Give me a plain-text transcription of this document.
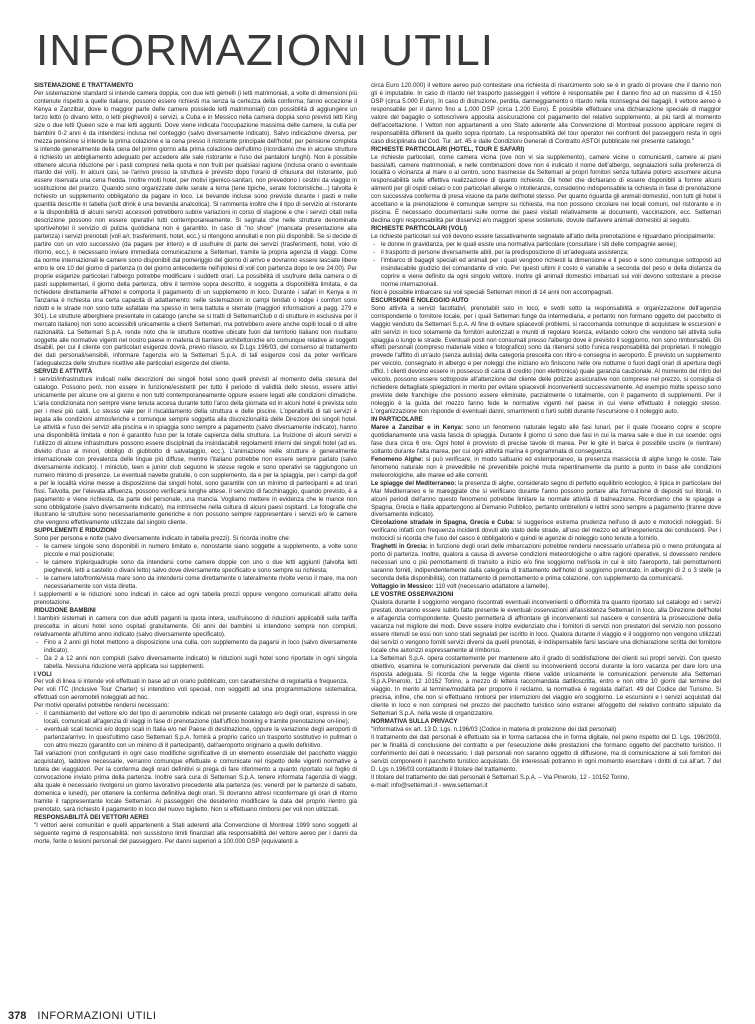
INFORMAZIONI UTILI

SISTEMAZIONE E TRATTAMENTO

Per sistemazione standard si intende camera doppia, con due letti gemelli (i letti matrimoniali, a volte di dimensioni più contenute rispetto a quelle italiane, possono essere richiesti ma senza la certezza della conferma; fanno eccezione il Kenya e Zanzibar, dove lo maggior parte delle camere possiede letti matrimoniali) con possibilità di aggiungere un terzo letto (o divano letto, o letti pieghevoli) e servizi, a Cuba e in Messico nella camera doppia sono previsti letti King size o due letti Queen size e mai letti aggiunti. Dove viene indicata l'occupazione massima delle camere, la culla per bambini 0-2 anni è da intendersi inclusa nel conteggio (salvo diversamente indicato). Salvo indicazione diversa, per mezza pensione si intende la prima colazione e la cena presso il ristorante principale dell'hotel; per pensione completa si intende generalmente della cena del primo giorno alla prima colazione dell'ultimo (ricordiamo che in alcune strutture è richiesto un abbigliamento adeguato per accedere alle sale ristorante e l'uso dei pantaloni lunghi). Non è possibile ottenere alcuna riduzione per i pasti compresi nella quota e non fruiti per qualsiasi ragione (inclusa orario o eventuale ritardo dei voli). In alcuni casi, se l'arrivo presso la struttura è previsto dopo l'orario di chiusura del ristorante, può essere riservata una cena fredda. Inoltre molti hotel, per motivi igienico-sanitari, non prevedono i cestini da viaggio in sostituzione del pranzo. Quando sono organizzate delle serate a tema (tene tipiche, serate folcloristiche...) talvolta è richiesto un supplemento obbligatorio da pagare in loco. Le bevande incluse sono previste durante i pasti e nelle quantità descritte in tabella (soft drink è una bevanda analcolica). Si rammenta inoltre che il tipo di servizio al ristorante e la disponibilità di alcuni servizi accessori potrebbero subire variazioni in corso di stagione e che i servizi citati nella descrizione possono non essere operativi tutti contemporaneamente. Si segnala che nelle strutture denominate sportivehotel il servizio di pulizia quotidiana non è garantito. In caso di "no show" (mancata presentazione alla partenza) i servizi prenotati (voli a/r, trasferimenti, hotel, ecc.) si ritengono annullati e non più disponibili. Se si decide di partire con un volo successivo (da pagare per intero) e di usufruire di parte dei servizi (trasferimenti, hotel, volo di ritorno, ecc.), è necessario inviare immediata comunicazione a Settemari, tramite la propria agenzia di viaggi. Come da norme internazionali le camere sono disponibili dal pomeriggio del giorno di arrivo e dovranno essere lasciate libere entro le ore 10 del giorno di partenza (o del giorno antecedente nell'ipotesi di voli con partenza dopo le ore 24.00). Per proprie esigenze particolari l'albergo potrebbe modificare i suddetti orari. La possibilità di usufruire della camera o di pasti supplementari, il giorno della partenza, oltre il termine sopra descritto, è soggetta a disponibilità limitata, e da richiedere direttamente all'hotel e comporta il pagamento di un supplemento in loco. Durante i safari in Kenya e in Tanzania è richiesta una certa capacità di adattamento: nelle sistemazioni in campi tendati o lodge i comfort sono ridotti e le strade non sono tutte asfaltate ma spesso in terra battuta e sterrate (maggiori informazioni a pagg. 279 e 301). Le strutture alberghiere presentate in catalogo (anche se si tratti di SettemariClub o di strutture in esclusiva per il mercato italiano) non sono accessibili unicamente a clienti Settemari, ma potrebbero avere anche ospiti locali o di altre nazionalità. La Settemari S.p.A. rende noto che le strutture ricettive ubicate fuori dal territorio italiano non risultano soggette alle normative vigenti nel nostro paese in materia di barriere architettoniche e/o comunque relative ai soggetti disabili, per cui il cliente con particolari esigenze dovrà, previo rilascio, ex D.Lgs 196/03, del consenso al trattamento dei dati personali/sensibili, informare l'agenzia e/o la Settemari S.p.A. di tali esigenze così da poter verificare l'adeguatezza delle strutture ricettive alle particolari esigenze del cliente.

SERVIZI E ATTIVITÀ

I servizi/infrastrutture indicati nelle descrizioni dei singoli hotel sono quelli previsti al momento della stesura del catalogo. Possono però, non essere in funzione/esistenti per tutto il periodo di validità dello stesso, essere attivi unicamente per alcune ore al giorno e non tutti contemporaneamente oppure essere legati alle condizioni climatiche. L'aria condizionata non sempre viene tenuta accesa durante tutto l'arco della giornata ed in alcuni hotel è prevista solo per i mesi più caldi. Lo stesso vale per il riscaldamento della struttura e delle piscine. L'operatività di tali servizi è legata alle condizioni atmosferiche e comunque sempre soggetta alla discrezionalità delle Direzioni dei singoli hotel. Le attività e l'uso dei servizi alla piscina e in spiaggia sono sempre a pagamento (salvo diversamente indicato), hanno una disponibilità limitata e non è garantito l'uso per la totale capienza della struttura. La fruizione di alcuni servizi e l'utilizzo di alcune infrastrutture possono essere disciplinati da insindacabili regolamenti interni dei singoli hotel (ad es. divieto d'uso ai minori, obbligo di giubbotto di salvataggio, ecc.). L'animazione nelle strutture è generalmente internazionale con prevalenza delle lingue più diffuse, mentre l'italiano potrebbe non essere sempre parlato (salvo diversamente indicato). I miniclub, teen e junior club seguono le stesse regole e sono operativi se raggiungono un numero minimo di presenze. Le eventuali navette gratuite, o con supplemento, da e per la spiaggia, per i campi da golf e per le località vicine messe a disposizione dai singoli hotel, sono garantite con un minimo di partecipanti e ad orari fissi. Talvolta, per l'elevata affluenza, possono verificarsi lunghe attese. Il servizio di facchinaggio, quando previsto, è a pagamento e viene richiesta, da parte del personale, una mancia. Vogliamo mettere in evidenza che le mance non sono obbligatorie (salvo diversamente indicato), ma intrinseche nella cultura di alcuni paesi ospitanti. Le fotografie che illustrano le strutture sono necessariamente generiche e non possono sempre rappresentare i servizi e/o le camere che vengono effettivamente utilizzate dal singolo cliente.

SUPPLEMENTI E RIDUZIONI

Sono per persona e notte (salvo diversamente indicato in tabella prezzi). Si ricorda inoltre che:

- le camere singole sono disponibili in numero limitato e, nonostante siano soggette a supplemento, a volte sono piccole e mal posizionate;
- le camere triple/quadruple sono da intendersi come camere doppie con uno o due letti aggiunti (talvolta letti pieghevoli, letti a castello o divani letto) salvo dove diversamente specificato e sono sempre su richiesta;
- le camere lato/fronte/vista mare sono da intendersi come direttamente o lateralmente rivolte verso il mare, ma non necessariamente con vista diretta.

I supplementi e le riduzioni sono indicati in calce ad ogni tabella prezzi oppure vengono comunicati all'atto della prenotazione.

RIDUZIONE BAMBINI

I bambini sistemati in camera con due adulti paganti la quota intera, usufruiscono di riduzioni applicabili sulla tariffa prescelta: in alcuni hotel sono ospitati gratuitamente. Gli anni dei bambini si intendono sempre non compiuti, relativamente all'ultimo anno indicato (salvo diversamente specificato).

- Fino a 2 anni gli hotel mettono a disposizione una culla, con supplemento da pagarsi in loco (salvo diversamente indicato).
- Da 2 a 12 anni non compiuti (salvo diversamente indicato) le riduzioni sugli hotel sono riportate in ogni singola tabella. Nessuna riduzione verrà applicata sui supplementi.

I VOLI

Per voli di linea si intende voli effettuati in base ad un orario pubblicato, con caratteristiche di regolarità e frequenza.

Per voli ITC (Inclusive Tour Charter) si intendono voli speciali, non soggetti ad una programmazione sistematica, effettuati con aeromobili noleggiati ad hoc.

Per motivi operativi potrebbe rendersi necessario:

- il cambiamento del vettore e/o del tipo di aeromobile indicati nel presente catalogo e/o degli orari, espressi in ore locali, comunicati all'agenzia di viaggi in fase di prenotazione (dall'ufficio booking e tramite prenotazione on-line);
- eventuali scali tecnici e/o doppi scali in Italia e/o nel Paese di destinazione, oppure la variazione degli aeroporti di partenza/arrivo. In quest'ultimo caso Settemari S.p.A. fornirà a proprio carico un trasporto sostitutivo in pullman o con altro mezzo (garantito con un minimo di 8 partecipanti), dall'aeroporto originario a quello definitivo.

Tali variazioni (non configuranti in ogni caso modifiche significative di un elemento essenziale del pacchetto viaggio acquistato), laddove necessarie, verranno comunque effettuate e comunicate nel rispetto delle vigenti normative a tutela dei viaggiatori. Per la conferma degli orari definitivi si prega di fare riferimento a quanto riportato sul foglio di convocazione inviato prima della partenza. Inoltre sarà cura di Settemari S.p.A. tenere informata l'agenzia di viaggi, alla quale è necessario rivolgersi un giorno lavorativo precedente alla partenza (es: venerdì per le partenze di sabato, domenica e lunedì), per ottenere la conferma definitiva degli orari. Si dovranno altresì riconfermare gli orari di ritorno tramite il rappresentante locale Settemari. Ai passeggeri che desiderino modificare la data del proprio rientro già prenotato, sarà richiesto il pagamento in loco del nuovo biglietto. Non si effettuano rimborsi per voli non utilizzati.

RESPONSABILITÀ DEI VETTORI AEREI

"I vettori aerei comunitari e quelli appartenenti a Stati aderenti alla Convenzione di Montreal 1999 sono soggetti al seguente regime di responsabilità: non sussistono limiti finanziari alla responsabilità del vettore aereo per i danni da morte, ferite o lesioni personali del passeggero. Per danni superiori a 100.000 DSP (equivalenti a

circa Euro 120.000) il vettore aereo può contestare una richiesta di risarcimento solo se è in grado di provare che il danno non gli è imputabile. In caso di ritardo nel trasporto passeggeri il vettore è responsabile per il danno fino ad un massimo di 4.150 DSP (circa 5.000 Euro). In caso di distruzione, perdita, danneggiamento o ritardo nella riconsegna dei bagagli, il vettore aereo è responsabile per il danno fino a 1.000 DSP (circa 1.200 Euro). È possibile effettuare una dichiarazione speciale di maggior valore del bagaglio o sottoscrivere apposita assicurazione col pagamento del relativo supplemento, al più tardi al momento dell'accettazione. I Vettori non appartenenti a uno Stato aderente alla Convenzione di Montreal possono applicare regimi di responsabilità differenti da quello sopra riportato. La responsabilità del tour operator nei confronti del passeggero resta in ogni caso disciplinata dal Cod. Tur. art. 45 e dalle Condizioni Generali di Contratto ASTOI pubblicate nel presente catalogo."

RICHIESTE PARTICOLARI (HOTEL, TOUR E SAFARI)

Le richieste particolari, come camera vicina (ove non vi sia supplemento), camere vicine o comunicanti, camere ai piani bassi/alti, camere matrimoniali, e nelle combinazioni dove non è indicato il nome dell'albergo, segnalazioni sulla preferenza di località o vicinanza al mare o al centro, sono trasmesse da Settemari ai propri fornitori senza tuttavia poterci assumere alcuna responsabilità sulle effettiva realizzazione di quanto richiesto. Gli hotel che dichiarano di essere disponibili a fornire alcuni alimenti per gli ospiti celiaci o con particolari allergie o intolleranze, considerino indispensabile la richiesta in fase di prenotazione con successiva conferma di presa visione da parte dell'hotel stesso. Per quanto riguarda gli animali domestici, non tutti gli hotel li accettano e la prenotazione è comunque sempre su richiesta, ma non possono circolare nei locali comuni, nel ristorante e in piscina. È necessario documentarsi sulle norme dei paesi visitati relativamente ai documenti, vaccinazioni, ecc. Settemari declina ogni responsabilità per disservizi e/o maggiori spese sostenute, dovute dall'avere animali domestici al seguito.

RICHIESTE PARTICOLARI (VOLI)

Le richieste particolari sui voli devono essere tassativamente segnalate all'atto della prenotazione e riguardano principalmente:

- le donne in gravidanza, per le quali esiste una normativa particolare (consultare i siti delle compagnie aeree);
- il trasporto di persone diversamente abili, per la predisposizione di un'adeguata assistenza;
- l'imbarco di bagagli speciali ed animali per i quali vengono richiesti la dimensione e il peso e sono comunque sottoposti ad insindacabile giudizio del comandante di volo. Per questi ultimi il costo è variabile a seconda del peso e della distanza da coprire e viene definito da ogni singolo vettore. Inoltre gli animali domestici imbarcati sui voli devono sottostare a precise norme internazionali.

Non è possibile imbarcare sui voli speciali Settemari minori di 14 anni non accompagnati.

ESCURSIONI E NOLEGGIO AUTO

Sono attività a servizi facoltativi, prenotabili solo in loco, e svolti sotto la responsabilità e organizzazione dell'agenzia corrispondente o fornitore locale, per i quali Settemari funge da intermediaria, e pertanto non formano oggetto del pacchetto di viaggio venduto da Settemari S.p.A. Al fine di evitare spiacevoli problemi, si raccomanda comunque di acquistare le escursioni e altri servizi in loco solamente da fornitori autorizzati e muniti di regolare licenza, evitando coloro che vendono tali attività sulla spiaggia o lungo le strade. Eventuali posti non consumati presso l'albergo dove è previsto il soggiorno, non sono rimborsabili. Gli effetti personali (compreso materiale video e fotografico) sono da ritenersi sotto l'unica responsabilità dei proprietari. Il noleggio prevede l'affitto di un'auto (senza autista) della categoria prescelta con ritiro e consegna in aeroporto. È previsto un supplemento per veicolo, consegnato in albergo e per noleggi che iniziano e/o finiscono nelle ore notturne o fuori dagli orari di apertura degli uffici. I clienti devono essere in possesso di carta di credito (non elettronica) quale garanzia cauzionale. Al momento del ritiro del veicolo, possono essere sottoposte all'attenzione del cliente delle polizze assicurative non comprese nel prezzo, si consiglia di richiedere dettagliate spiegazioni in merito per evitare spiacevoli inconvenienti successivamente. Ad esempio molte spesso sono previste delle franchigie che possono essere eliminate, parzialmente o totalmente, con il pagamento di supplementi. Per il noleggio è la guida del mezzo fanno fede le normative vigenti nel paese in cui viene effettuato il noleggio stesso. L'organizzazione non risponde di eventuali danni, smarrimenti o furti subiti durante l'escursione o il noleggio auto.

IN PARTICOLARE

Maree a Zanzibar e in Kenya: sono un fenomeno naturale legato alle fasi lunari, per il quale l'oceano copre e scopre quotidianamente una vasta fascia di spiaggia. Durante il giorno ci sono due fasi in cui la marea sale e due in cui scende: ogni fase dura circa 6 ore. Ogni hotel è provvisto di precise tavole di marea. Per le gite in barca è possibile uscire (e rientrare) soltanto durante l'alta marea, per cui ogni attività marina è programmata di conseguenza.

Fenomeno Alghe: si può verificare, in modo saltuario ed estemporaneo, la presenza massiccia di alghe lungo le coste. Tale fenomeno naturale non è prevedibile né prevenibile poiché muta repentinamente da punto a punto in base alle condizioni meteorologiche, alle maree ed alle correnti.

Le spiagge del Mediterraneo: la presenza di alghe, considerato segno di perfetto equilibrio ecologico, è tipica in particolare del Mar Mediterraneo e le mareggiate che si verificano durante l'anno possono portare alla formazione di depositi sui litorali. In alcuni periodi dell'anno questo fenomeno potrebbe limitare la normale attività di balneazione. Ricordiamo che le spiagge a Spagna, Grecia e Italia appartengono al Demanio Pubblico, pertanto ombrelloni e lettini sono sempre a pagamento (tranne dove diversamente indicato).

Circolazione stradale in Spagna, Grecia e Cuba: si suggerisce estrema prudenza nell'uso di auto e motocicli noleggiati. Si verificano infatti con frequenza incidenti dovuti allo stato delle strade, all'uso del mezzo ed all'inesperienza dei conducenti. Per i motocicli si ricorda che l'uso del casco è obbligatorio e quindi le agenzie di noleggio sono tenute a fornirlo.

Traghetti in Grecia: in funzione degli orari delle imbarcazioni potrebbe rendersi necessario un'attesa più o meno prolungata al porto di partenza. Inoltre, qualora a causa di avverse condizioni meteorologiche o altre ragioni operative, si dovessero rendere necessari uno o più pernottamenti di transito a inizio e/o fine soggiorno nell'isola in cui è sito l'aeroporto, tali pernottamenti saranno forniti, indipendentemente dalla categoria di trattamento dell'hotel di soggiorno prenotato, in alberghi di 2 o 3 stelle (a seconda della disponibilità), con trattamento di pernottamento e prima colazione, con supplemento da comunicarsi.

Voltaggio in Messico: 110 volt (necessario adattatore a lamelle).

LE VOSTRE OSSERVAZIONI

Qualora durante il soggiorno vengano riscontrati eventuali inconvenienti o difformità tra quanto riportato sul catalogo ed i servizi prestati, dovranno essere subito fatte presente le eventuali osservazioni all'assistenza Settemari in loco, alla Direzione dell'hotel e all'agenzia corrispondente. Questo permetterà di affrontare gli inconvenienti sul nascere e consentirà la prosecuzione della vacanza nel migliore dei modi. Deve essere inoltre evidenziato che i fornitori di servizi non prestatori del servizio non possono essere ritenuti se essi non sono stati segnalati per iscritto in loco. Qualora durante il viaggio e il soggiorno non vengono utilizzati dei servizi o vengono forniti servizi diversi da quelli prenotati, è indispensabile farsi lasciare una dichiarazione scritta del fornitore locale che autorizzi espressamente al rimborso.

La Settemari S.p.A. opera costantemente per mantenere alto il grado di soddisfazione dei clienti sui propri servizi. Con questo obiettivo, esamina le comunicazioni pervenute dai clienti su inconvenienti occorsi durante la loro vacanza per dare loro una risposta adeguata. Si ricorda che la legge vigente ritiene valide unicamente le comunicazioni pervenute alla Settemari S.p.A.Pinerolo, 12 10152 Torino, a mezzo di lettera raccomandata dattiloscritta, entro e non oltre 10 giorni dal termine del viaggio. In merito al termine/modalità per proporre il reclamo, la normativa è regolata dall'art. 49 del Codice del Turismo. Si precisa, infine, che non si effettuano rimborsi per interruzioni del viaggio e/o soggiorno. Le escursioni e i servizi acquistati dal cliente in loco e non compresi nel prezzo del pacchetto turistico sono estranei all'oggetto del relativo contratto stipulato da Settemari S.p.A. nella veste di organizzatore.

NORMATIVA SULLA PRIVACY

"Informativa ex art. 13 D. Lgs. n.196/03 (Codice in materia di protezione dei dati personali)

Il trattamento dei dati personali è effettuato sia in forma cartacea che in forma digitale, nel pieno rispetto del D. Lgs. 196/2003, per le finalità di conclusione del contratto e per l'esecuzione delle prestazioni che formano oggetto del pacchetto turistico. Il conferimento dei dati è necessario. I dati personali non saranno oggetto di diffusione, ma di comunicazione ai soli fornitori dei servizi componenti il pacchetto turistico acquistato. Gli interessati potranno in ogni momento esercitare i diritti di cui all'art. 7 del D. Lgs n.196/03 contattando il titolare del trattamento.

Il titolare del trattamento dei dati personali è Settemari S.p.A. – Via Pinerolo, 12 - 10152 Torino,

e-mail: info@settemari.it - www.settemari.it

378 INFORMAZIONI UTILI
